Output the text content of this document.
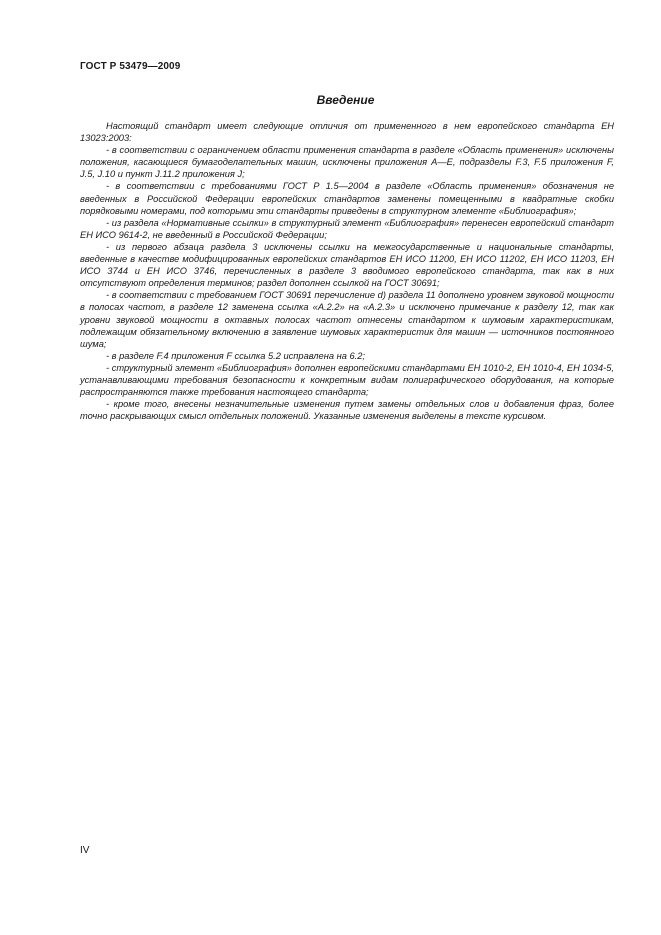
ГОСТ Р 53479—2009
Введение

Настоящий стандарт имеет следующие отличия от примененного в нем европейского стандарта ЕН 13023:2003:

- в соответствии с ограничением области применения стандарта в разделе «Область применения» исключены положения, касающиеся бумагоделательных машин, исключены приложения А—Е, подразделы F.3, F.5 приложения F, J.5, J.10 и пункт J.11.2 приложения J;

- в соответствии с требованиями ГОСТ Р 1.5—2004 в разделе «Область применения» обозначения не введенных в Российской Федерации европейских стандартов заменены помещенными в квадратные скобки порядковыми номерами, под которыми эти стандарты приведены в структурном элементе «Библиография»;

- из раздела «Нормативные ссылки» в структурный элемент «Библиография» перенесен европейский стандарт ЕН ИСО 9614-2, не введенный в Российской Федерации;

- из первого абзаца раздела 3 исключены ссылки на межгосударственные и национальные стандарты, введенные в качестве модифицированных европейских стандартов ЕН ИСО 11200, ЕН ИСО 11202, ЕН ИСО 11203, ЕН ИСО 3744 и ЕН ИСО 3746, перечисленных в разделе 3 вводимого европейского стандарта, так как в них отсутствуют определения терминов; раздел дополнен ссылкой на ГОСТ 30691;

- в соответствии с требованием ГОСТ 30691 перечисление d) раздела 11 дополнено уровнем звуковой мощности в полосах частот, в разделе 12 заменена ссылка «А.2.2» на «А.2.3» и исключено примечание к разделу 12, так как уровни звуковой мощности в октавных полосах частот отнесены стандартом к шумовым характеристикам, подлежащим обязательному включению в заявление шумовых характеристик для машин — источников постоянного шума;

- в разделе F.4 приложения F ссылка 5.2 исправлена на 6.2;

- структурный элемент «Библиография» дополнен европейскими стандартами ЕН 1010-2, ЕН 1010-4, ЕН 1034-5, устанавливающими требования безопасности к конкретным видам полиграфического оборудования, на которые распространяются также требования настоящего стандарта;

- кроме того, внесены незначительные изменения путем замены отдельных слов и добавления фраз, более точно раскрывающих смысл отдельных положений. Указанные изменения выделены в тексте курсивом.

IV
